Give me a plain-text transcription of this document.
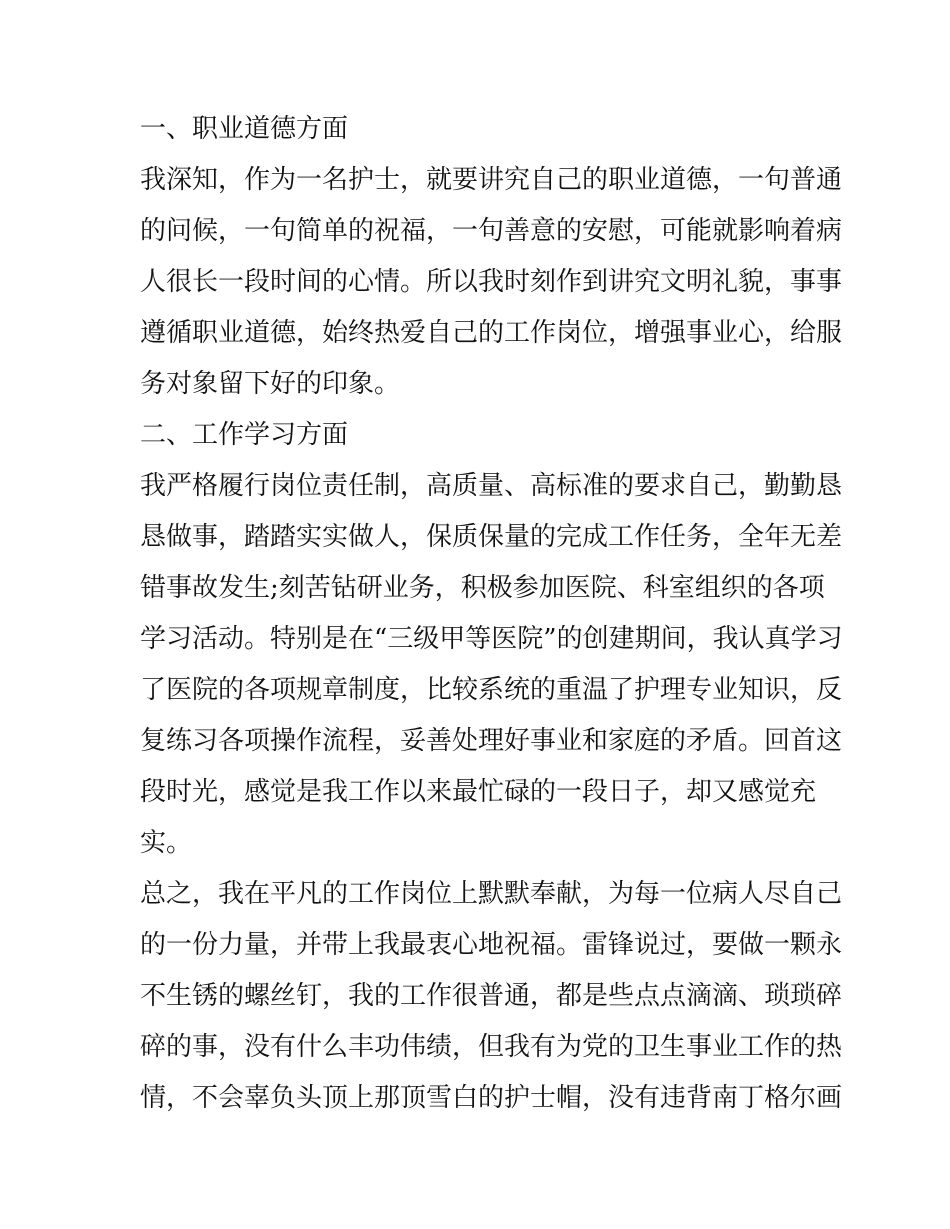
一、职业道德方面
我深知，作为一名护士，就要讲究自己的职业道德，一句普通
的问候，一句简单的祝福，一句善意的安慰，可能就影响着病
人很长一段时间的心情。所以我时刻作到讲究文明礼貌，事事
遵循职业道德，始终热爱自己的工作岗位，增强事业心，给服
务对象留下好的印象。
二、工作学习方面
我严格履行岗位责任制，高质量、高标准的要求自己，勤勤恳
恳做事，踏踏实实做人，保质保量的完成工作任务，全年无差
错事故发生;刻苦钻研业务，积极参加医院、科室组织的各项
学习活动。特别是在“三级甲等医院”的创建期间，我认真学习
了医院的各项规章制度，比较系统的重温了护理专业知识，反
复练习各项操作流程，妥善处理好事业和家庭的矛盾。回首这
段时光，感觉是我工作以来最忙碌的一段日子，却又感觉充
实。
总之，我在平凡的工作岗位上默默奉献，为每一位病人尽自己
的一份力量，并带上我最衷心地祝福。雷锋说过，要做一颗永
不生锈的螺丝钉，我的工作很普通，都是些点点滴滴、琐琐碎
碎的事，没有什么丰功伟绩，但我有为党的卫生事业工作的热
情，不会辜负头顶上那顶雪白的护士帽，没有违背南丁格尔画
